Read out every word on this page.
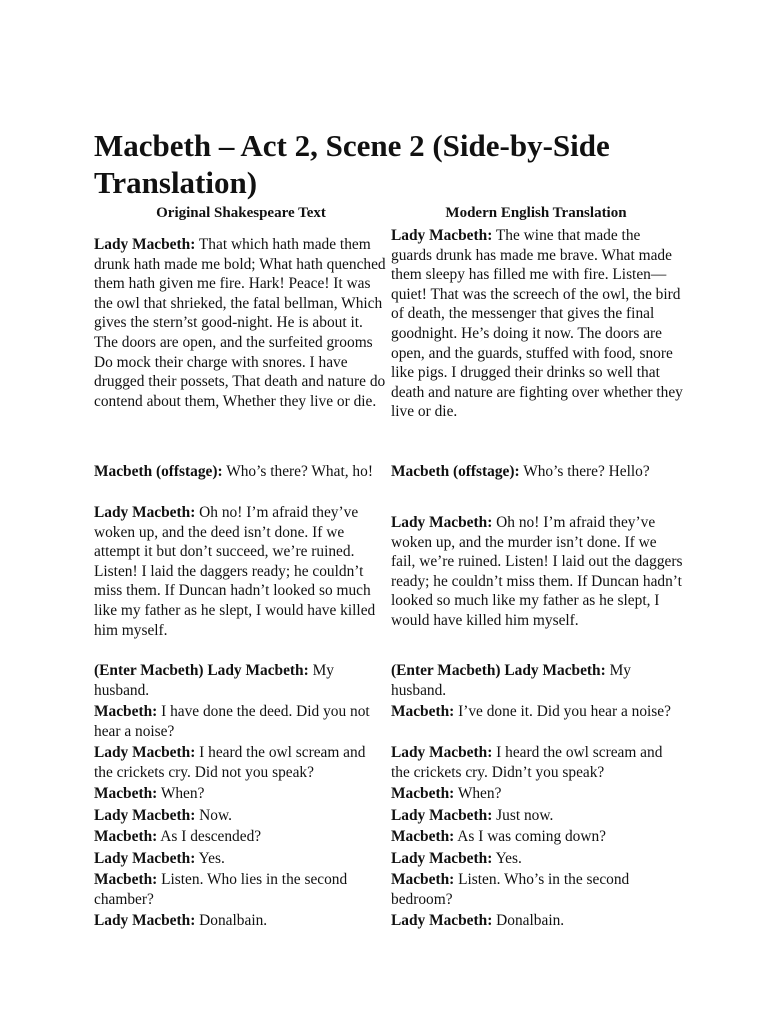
Macbeth – Act 2, Scene 2 (Side-by-Side Translation)
Original Shakespeare Text	Modern English Translation

Lady Macbeth: That which hath made them drunk hath made me bold; What hath quenched them hath given me fire. Hark! Peace! It was the owl that shrieked, the fatal bellman, Which gives the stern’st good-night. He is about it. The doors are open, and the surfeited grooms Do mock their charge with snores. I have drugged their possets, That death and nature do contend about them, Whether they live or die.

Macbeth (offstage): Who’s there? What, ho!

Lady Macbeth: Oh no! I’m afraid they’ve woken up, and the deed isn’t done. If we attempt it but don’t succeed, we’re ruined. Listen! I laid the daggers ready; he couldn’t miss them. If Duncan hadn’t looked so much like my father as he slept, I would have killed him myself.

(Enter Macbeth) Lady Macbeth: My husband.

Macbeth: I have done the deed. Did you not hear a noise?

Lady Macbeth: I heard the owl scream and the crickets cry. Did not you speak?

Macbeth: When?

Lady Macbeth: Now.

Macbeth: As I descended?

Lady Macbeth: Yes.

Macbeth: Listen. Who lies in the second chamber?

Lady Macbeth: Donalbain.

Lady Macbeth: The wine that made the guards drunk has made me brave. What made them sleepy has filled me with fire. Listen—quiet! That was the screech of the owl, the bird of death, the messenger that gives the final goodnight. He’s doing it now. The doors are open, and the guards, stuffed with food, snore like pigs. I drugged their drinks so well that death and nature are fighting over whether they live or die.

Macbeth (offstage): Who’s there? Hello?

Lady Macbeth: Oh no! I’m afraid they’ve woken up, and the murder isn’t done. If we fail, we’re ruined. Listen! I laid out the daggers ready; he couldn’t miss them. If Duncan hadn’t looked so much like my father as he slept, I would have killed him myself.

(Enter Macbeth) Lady Macbeth: My husband.

Macbeth: I’ve done it. Did you hear a noise?

Lady Macbeth: I heard the owl scream and the crickets cry. Didn’t you speak?

Macbeth: When?

Lady Macbeth: Just now.

Macbeth: As I was coming down?

Lady Macbeth: Yes.

Macbeth: Listen. Who’s in the second bedroom?

Lady Macbeth: Donalbain.
